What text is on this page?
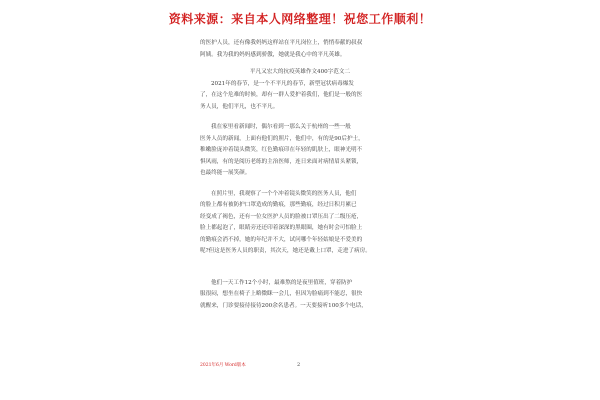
资料来源：来自本人网络整理！祝您工作顺利！
的医护人员，还有像我妈妈这样站在平凡岗位上，悄悄奉献的叔叔
阿姨。我为我的妈妈感到骄傲，她就是我心中的平凡英雄。
平凡又宏大的抗疫英雄作文400字范文二
2021年的春节，是一个不平凡的春节，新型冠状病毒爆发
了，在这个危难的时候，却有一群人爱护着我们，他们是一般的医
务人员，他们平凡，也不平凡。
我在家里看新闻时，偶尔看到一那么关于杭州的一些一般
医务人员的新闻，上面有他们的照片，他们中，有的是90后护士，
稚嫩脸庞冲着镜头微笑，红色勤痕印在年轻的肌肤上，眼神光明不
惧风雨，有的是阅历老练的主治医师，连日来面对病情眉头紧锁，
也最终能一展笑颜。
在照片里，我观察了一个个冲着镜头微笑的医务人员，他们
的脸上都有被防护口罩造成的勤痕，那些勤痕，经过日积月累已
经变成了褐色，还有一位女医护人员的脸被口罩压出了二级压疮，
脸上都起泡了，眼睛旁还还印着深深的黑眼圈，她有时会可怕脸上
的勤痕会消不掉，她的年纪并不大，试问哪个年轻姑娘是不爱美的
呢?但这是医务人员的职责，其次天，她还是戴上口罩，走进了病房。
他们一天工作12个小时，最难熬的是夜里值班，穿着防护
服很闷，想坐在椅子上略微眯一会儿，但因为脸痛到不能忍，很快
就醒来，门诊要接待接待200余名患者。一天要接听100多个电话，
2021年6月 Word版本	2
